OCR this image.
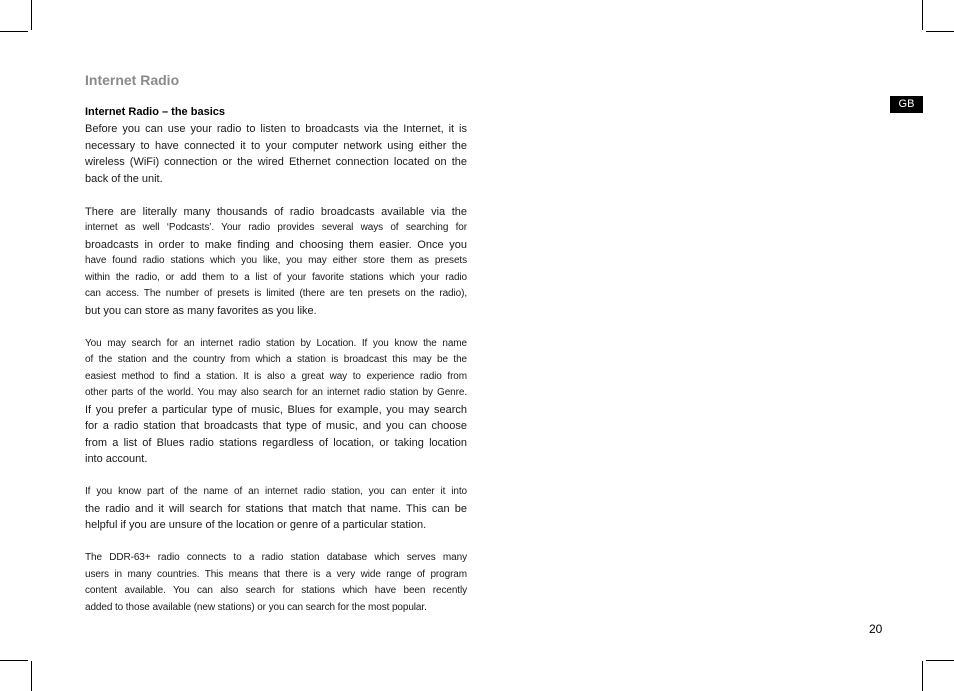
Internet Radio
GB
Internet Radio – the basics

Before you can use your radio to listen to broadcasts via the Internet, it is
necessary to have connected it to your computer network using either the
wireless (WiFi) connection or the wired Ethernet connection located on the
back of the unit.

There are literally many thousands of radio broadcasts available via the
internet as well ‘Podcasts’. Your radio provides several ways of searching for
broadcasts in order to make finding and choosing them easier. Once you
have found radio stations which you like, you may either store them as presets
within the radio, or add them to a list of your favorite stations which your radio
can access. The number of presets is limited (there are ten presets on the radio),
but you can store as many favorites as you like.

You may search for an internet radio station by Location. If you know the name
of the station and the country from which a station is broadcast this may be the
easiest method to find a station. It is also a great way to experience radio from
other parts of the world. You may also search for an internet radio station by Genre.
If you prefer a particular type of music, Blues for example, you may search
for a radio station that broadcasts that type of music, and you can choose
from a list of Blues radio stations regardless of location, or taking location
into account.

If you know part of the name of an internet radio station, you can enter it into
the radio and it will search for stations that match that name. This can be
helpful if you are unsure of the location or genre of a particular station.

The DDR-63+ radio connects to a radio station database which serves many
users in many countries. This means that there is a very wide range of program
content available. You can also search for stations which have been recently
added to those available (new stations) or you can search for the most popular.

20
